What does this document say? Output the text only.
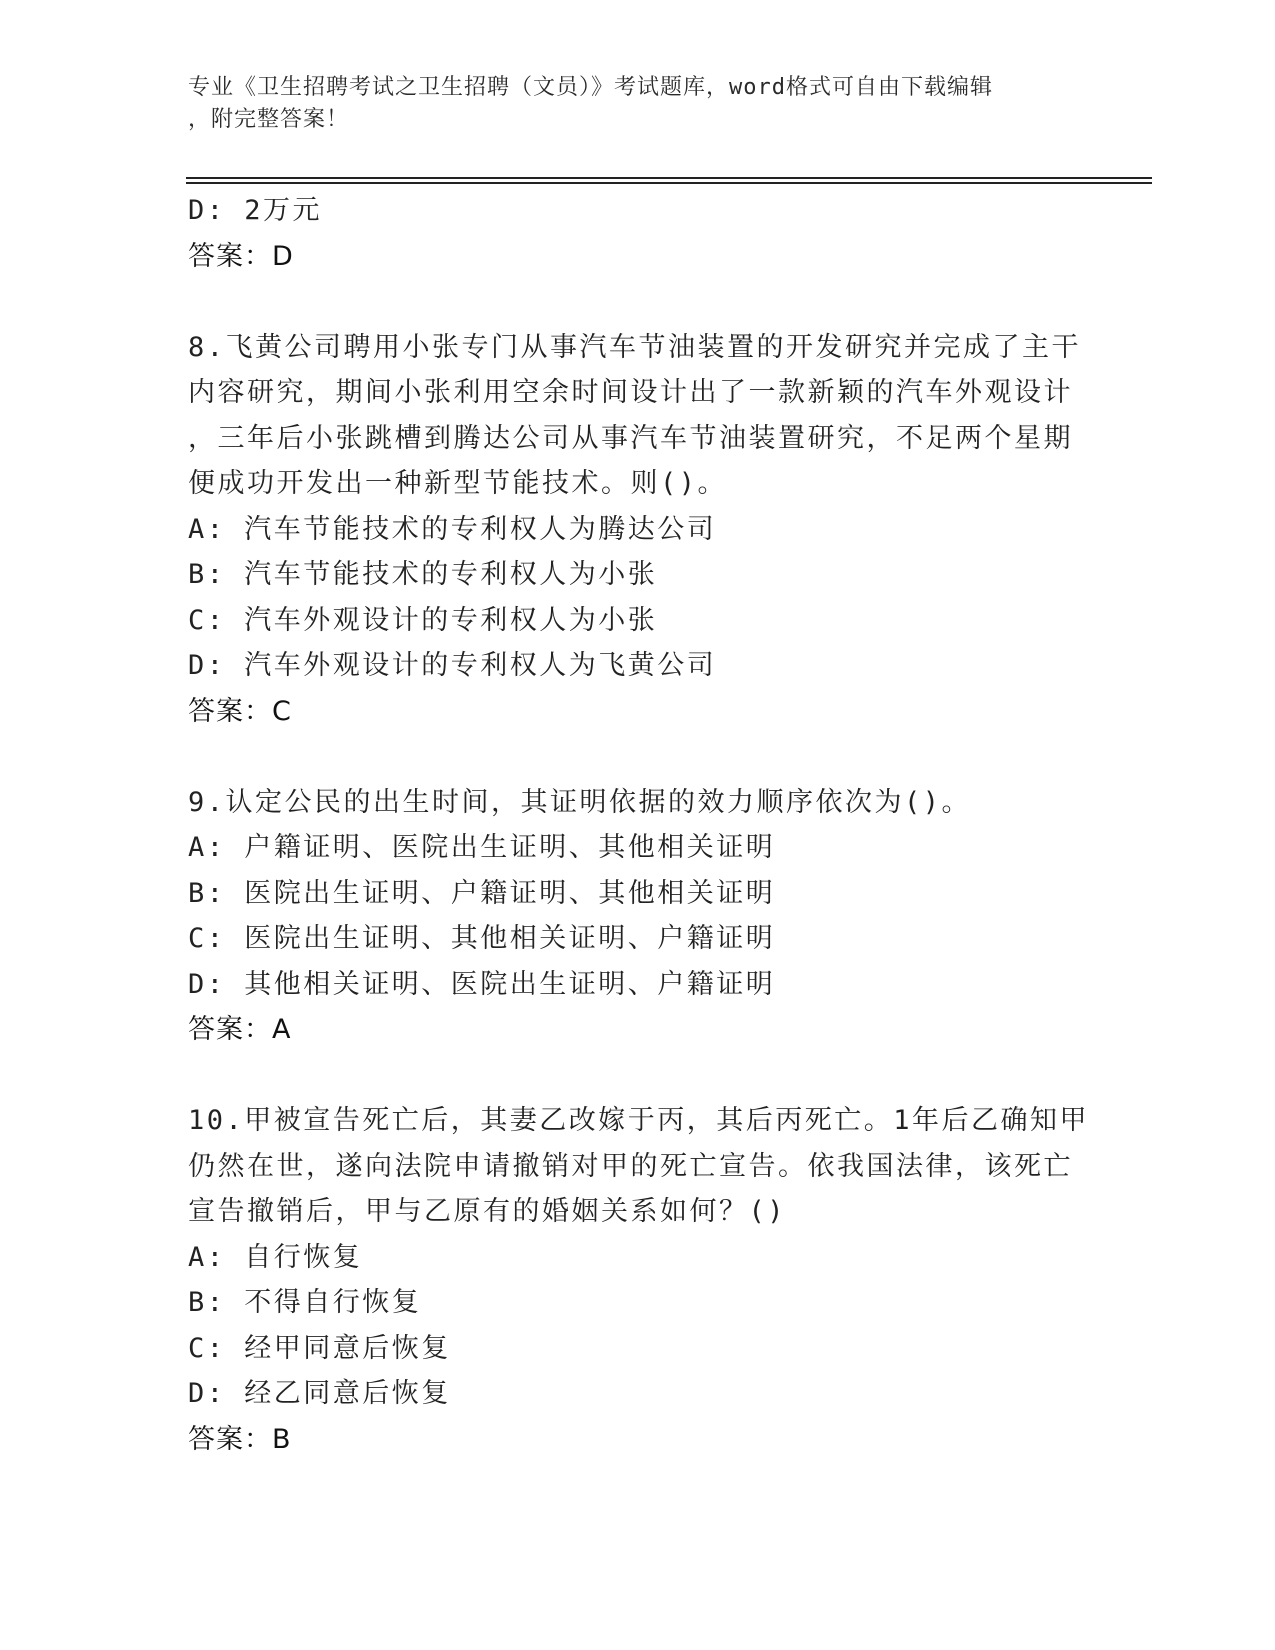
专业《卫生招聘考试之卫生招聘（文员）》考试题库，word格式可自由下载编辑
，附完整答案！
D: 2万元
答案：D
8.飞黄公司聘用小张专门从事汽车节油装置的开发研究并完成了主干
内容研究，期间小张利用空余时间设计出了一款新颖的汽车外观设计
，三年后小张跳槽到腾达公司从事汽车节油装置研究，不足两个星期
便成功开发出一种新型节能技术。则()。
A: 汽车节能技术的专利权人为腾达公司
B: 汽车节能技术的专利权人为小张
C: 汽车外观设计的专利权人为小张
D: 汽车外观设计的专利权人为飞黄公司
答案：C
9.认定公民的出生时间，其证明依据的效力顺序依次为()。
A: 户籍证明、医院出生证明、其他相关证明
B: 医院出生证明、户籍证明、其他相关证明
C: 医院出生证明、其他相关证明、户籍证明
D: 其他相关证明、医院出生证明、户籍证明
答案：A
10.甲被宣告死亡后，其妻乙改嫁于丙，其后丙死亡。1年后乙确知甲
仍然在世，遂向法院申请撤销对甲的死亡宣告。依我国法律，该死亡
宣告撤销后，甲与乙原有的婚姻关系如何？()
A: 自行恢复
B: 不得自行恢复
C: 经甲同意后恢复
D: 经乙同意后恢复
答案：B
